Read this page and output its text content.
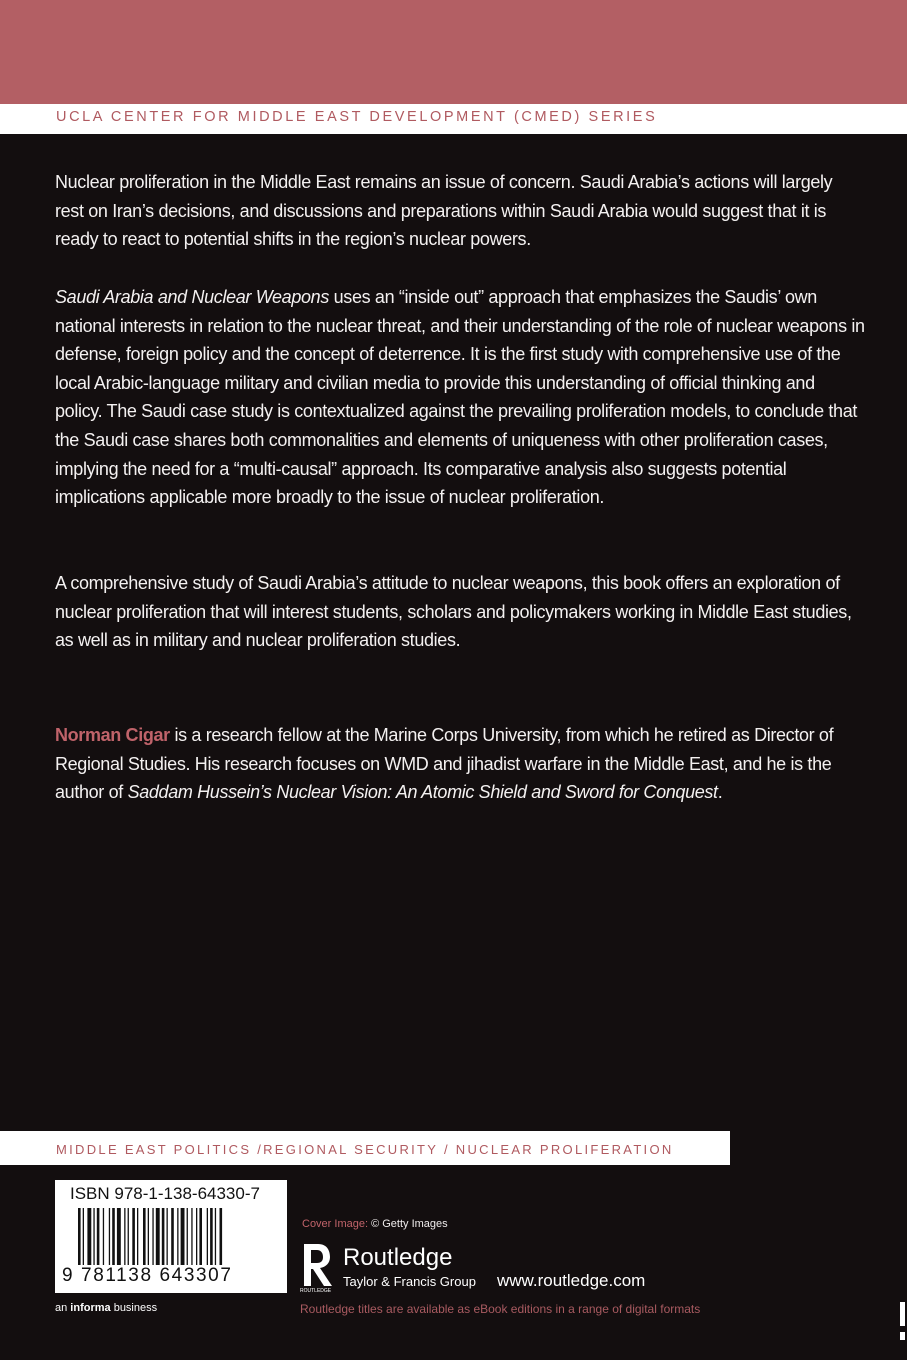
UCLA CENTER FOR MIDDLE EAST DEVELOPMENT (CMED) SERIES

Nuclear proliferation in the Middle East remains an issue of concern. Saudi Arabia’s actions will largely rest on Iran’s decisions, and discussions and preparations within Saudi Arabia would suggest that it is ready to react to potential shifts in the region’s nuclear powers.

Saudi Arabia and Nuclear Weapons uses an “inside out” approach that emphasizes the Saudis’ own national interests in relation to the nuclear threat, and their understanding of the role of nuclear weapons in defense, foreign policy and the concept of deterrence. It is the first study with comprehensive use of the local Arabic-language military and civilian media to provide this understanding of official thinking and policy. The Saudi case study is contextualized against the prevailing proliferation models, to conclude that the Saudi case shares both commonalities and elements of uniqueness with other proliferation cases, implying the need for a “multi-causal” approach. Its comparative analysis also suggests potential implications applicable more broadly to the issue of nuclear proliferation.

A comprehensive study of Saudi Arabia’s attitude to nuclear weapons, this book offers an exploration of nuclear proliferation that will interest students, scholars and policymakers working in Middle East studies, as well as in military and nuclear proliferation studies.

Norman Cigar is a research fellow at the Marine Corps University, from which he retired as Director of Regional Studies. His research focuses on WMD and jihadist warfare in the Middle East, and he is the author of Saddam Hussein’s Nuclear Vision: An Atomic Shield and Sword for Conquest.

MIDDLE EAST POLITICS /REGIONAL SECURITY / NUCLEAR PROLIFERATION
ISBN 978-1-138-64330-7
9 781138 643307
an informa business
Cover Image: © Getty Images
ROUTLEDGE
Routledge
Taylor & Francis Group www.routledge.com
Routledge titles are available as eBook editions in a range of digital formats
